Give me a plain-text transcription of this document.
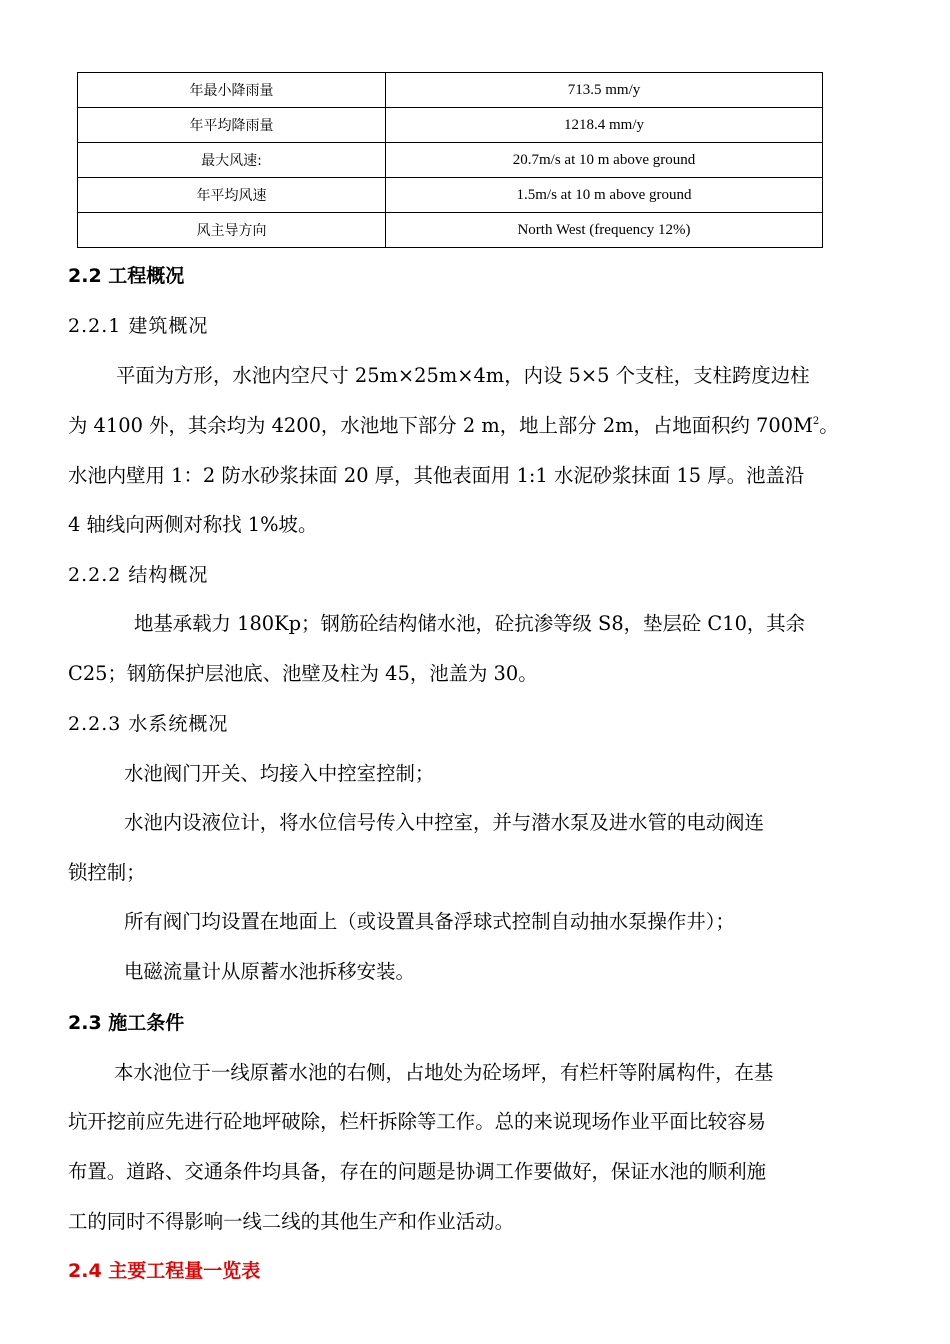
年最小降雨量	713.5 mm/y
年平均降雨量	1218.4 mm/y
最大风速:	20.7m/s at 10 m above ground
年平均风速	1.5m/s at 10 m above ground
风主导方向	North West (frequency 12%)
2.2 工程概况
2.2.1 建筑概况
平面为方形，水池内空尺寸 25m×25m×4m，内设 5×5 个支柱，支柱跨度边柱
为 4100 外，其余均为 4200，水池地下部分 2 m，地上部分 2m，占地面积约 $700M^2$。
水池内壁用 1：2 防水砂浆抹面 20 厚，其他表面用 1:1 水泥砂浆抹面 15 厚。池盖沿
4 轴线向两侧对称找 1%坡。
2.2.2 结构概况
地基承载力 180Kp；钢筋砼结构储水池，砼抗渗等级 S8，垫层砼 C10，其余
C25；钢筋保护层池底、池壁及柱为 45，池盖为 30。
2.2.3 水系统概况
水池阀门开关、均接入中控室控制；
水池内设液位计，将水位信号传入中控室，并与潜水泵及进水管的电动阀连
锁控制；
所有阀门均设置在地面上（或设置具备浮球式控制自动抽水泵操作井）；
电磁流量计从原蓄水池拆移安装。
2.3 施工条件
本水池位于一线原蓄水池的右侧，占地处为砼场坪，有栏杆等附属构件，在基
坑开挖前应先进行砼地坪破除，栏杆拆除等工作。总的来说现场作业平面比较容易
布置。道路、交通条件均具备，存在的问题是协调工作要做好，保证水池的顺利施
工的同时不得影响一线二线的其他生产和作业活动。
2.4 主要工程量一览表
